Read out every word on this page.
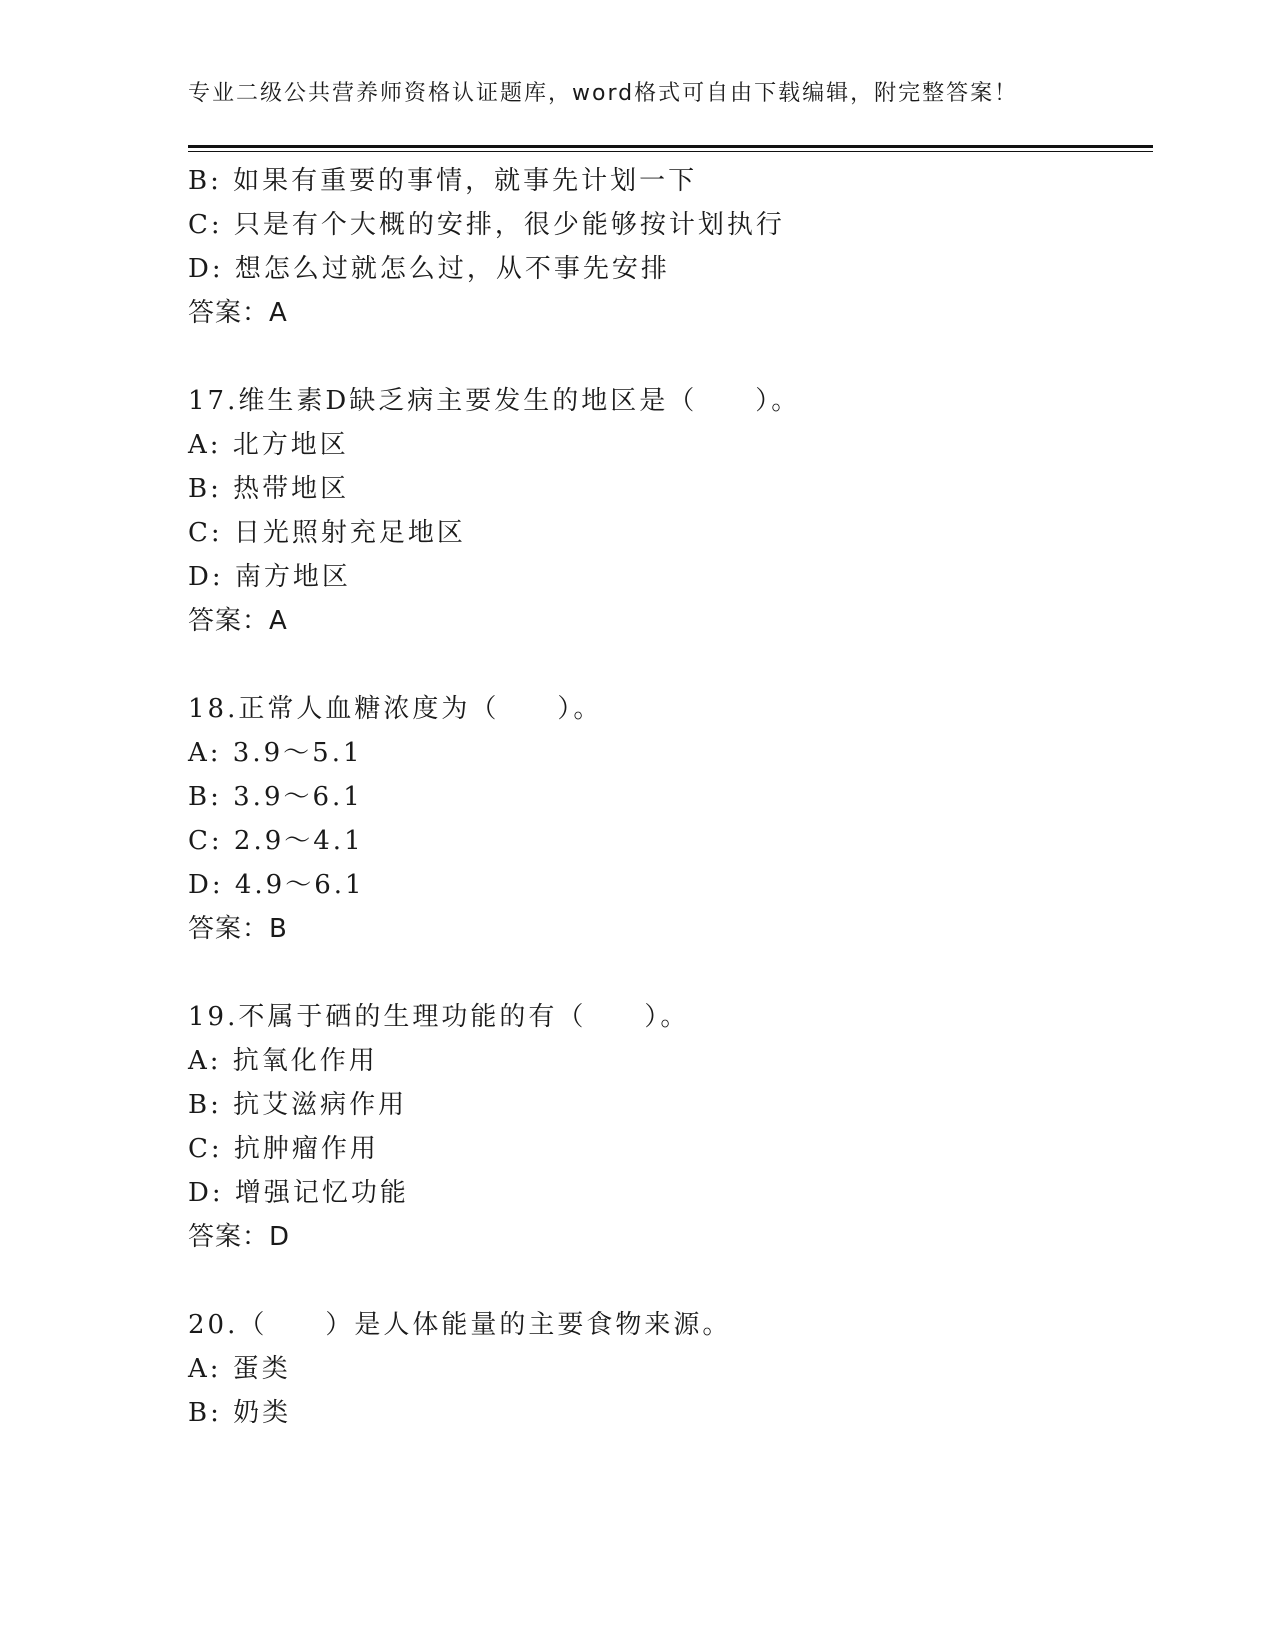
专业二级公共营养师资格认证题库，word格式可自由下载编辑，附完整答案！
B: 如果有重要的事情，就事先计划一下
C: 只是有个大概的安排，很少能够按计划执行
D: 想怎么过就怎么过，从不事先安排
答案：A
17.维生素D缺乏病主要发生的地区是（　　）。
A: 北方地区
B: 热带地区
C: 日光照射充足地区
D: 南方地区
答案：A
18.正常人血糖浓度为（　　）。
A: 3.9～5.1
B: 3.9～6.1
C: 2.9～4.1
D: 4.9～6.1
答案：B
19.不属于硒的生理功能的有（　　）。
A: 抗氧化作用
B: 抗艾滋病作用
C: 抗肿瘤作用
D: 增强记忆功能
答案：D
20.（　　）是人体能量的主要食物来源。
A: 蛋类
B: 奶类
